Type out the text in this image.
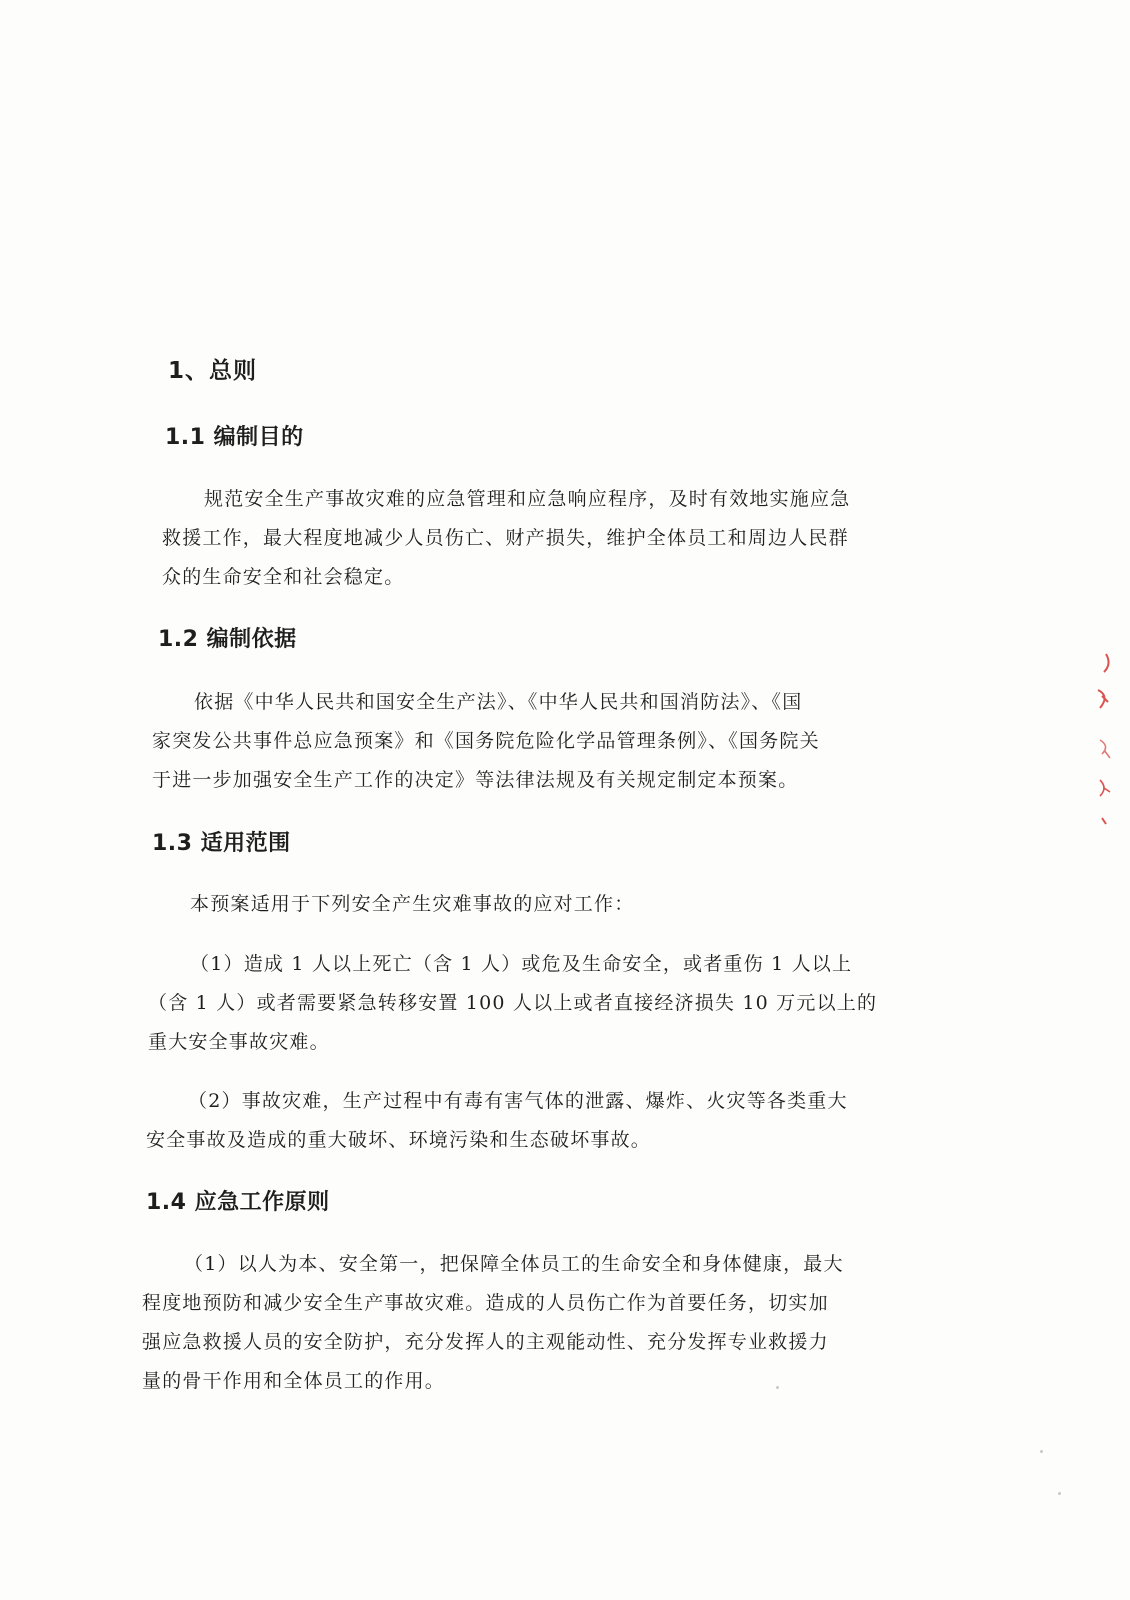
1、总则
1.1 编制目的
规范安全生产事故灾难的应急管理和应急响应程序，及时有效地实施应急
救援工作，最大程度地减少人员伤亡、财产损失，维护全体员工和周边人民群
众的生命安全和社会稳定。
1.2 编制依据
依据《中华人民共和国安全生产法》、《中华人民共和国消防法》、《国
家突发公共事件总应急预案》和《国务院危险化学品管理条例》、《国务院关
于进一步加强安全生产工作的决定》等法律法规及有关规定制定本预案。
1.3 适用范围
本预案适用于下列安全产生灾难事故的应对工作：
（1）造成 1 人以上死亡（含 1 人）或危及生命安全，或者重伤 1 人以上
（含 1 人）或者需要紧急转移安置 100 人以上或者直接经济损失 10 万元以上的
重大安全事故灾难。
（2）事故灾难，生产过程中有毒有害气体的泄露、爆炸、火灾等各类重大
安全事故及造成的重大破坏、环境污染和生态破坏事故。
1.4 应急工作原则
（1）以人为本、安全第一，把保障全体员工的生命安全和身体健康，最大
程度地预防和减少安全生产事故灾难。造成的人员伤亡作为首要任务，切实加
强应急救援人员的安全防护，充分发挥人的主观能动性、充分发挥专业救援力
量的骨干作用和全体员工的作用。
